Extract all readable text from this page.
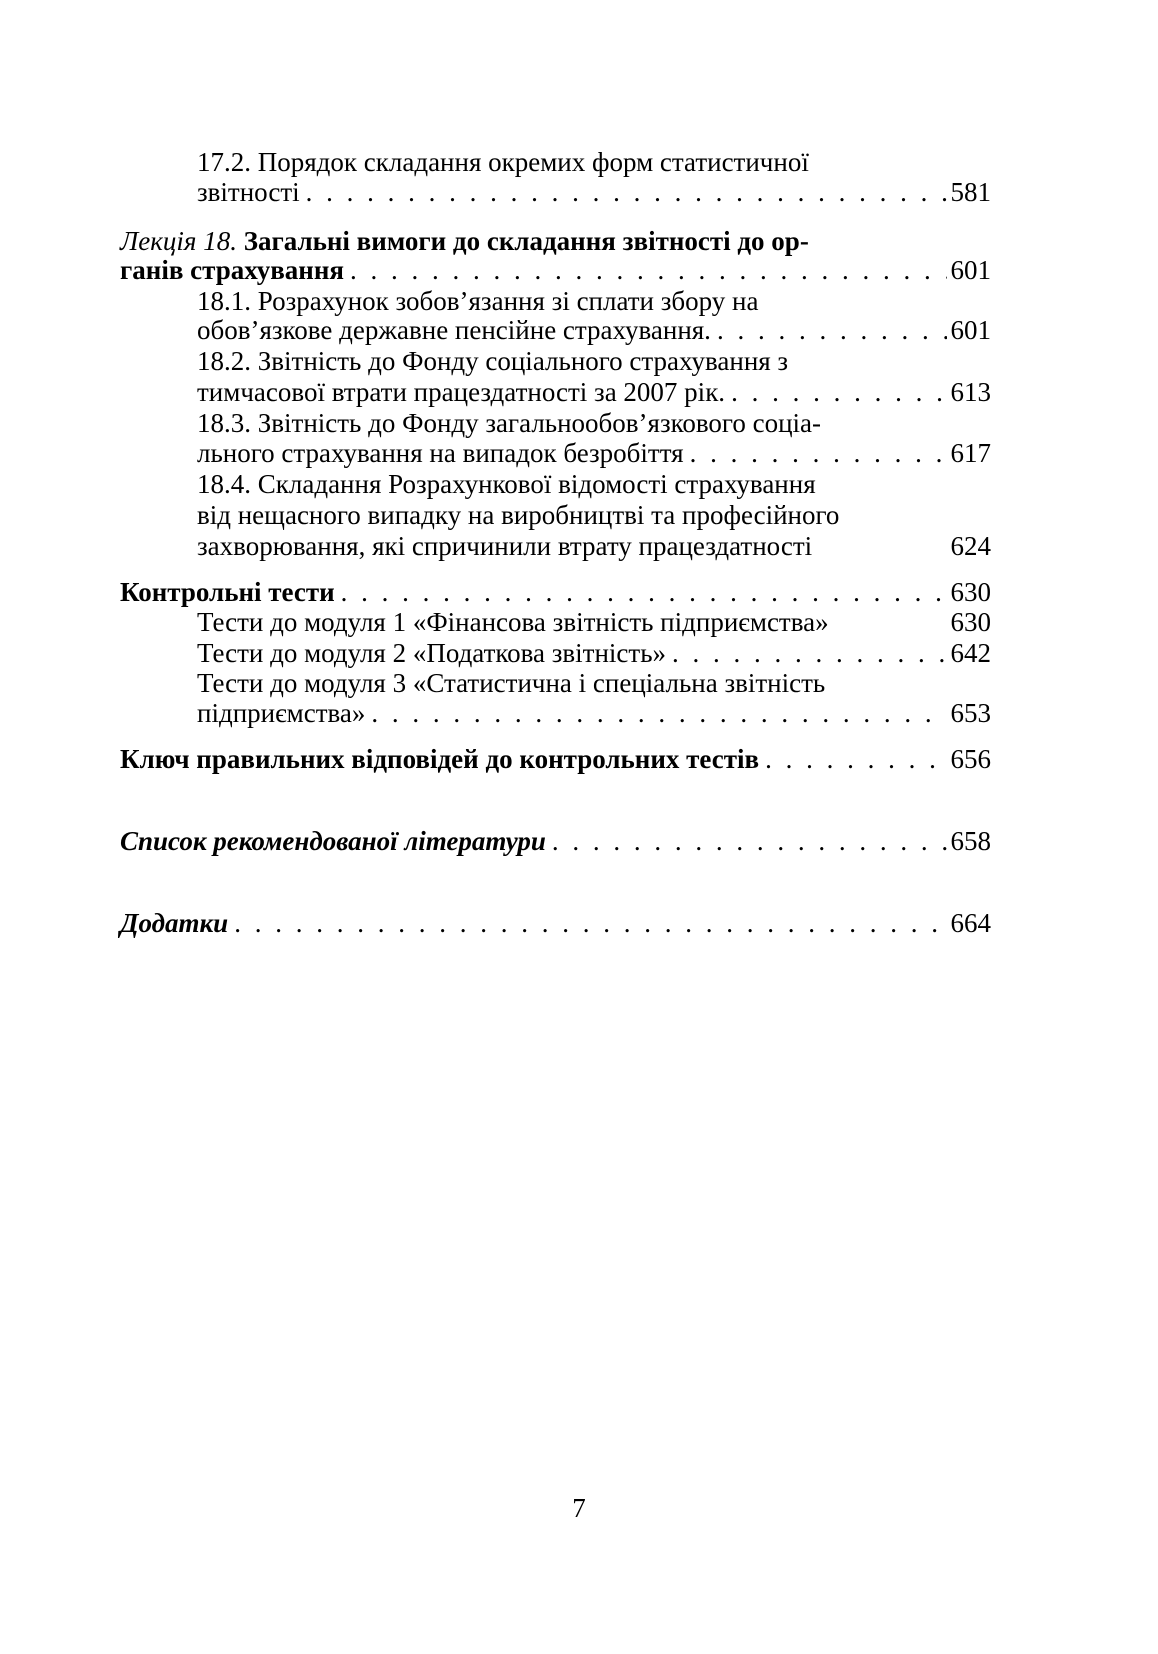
17.2. Порядок складання окремих форм статистичної
звітності . . .	581
Лекція 18. Загальні вимоги до складання звітності до ор-
ганів страхування . . .	601
18.1. Розрахунок зобов’язання зі сплати збору на
обов’язкове державне пенсійне страхування. . . .	601
18.2. Звітність до Фонду соціального страхування з
тимчасової втрати працездатності за 2007 рік. . . .	613
18.3. Звітність до Фонду загальнообов’язкового соціа-
льного страхування на випадок безробіття . . .	617
18.4. Складання Розрахункової відомості страхування
від нещасного випадку на виробництві та професійного
захворювання, які спричинили втрату працездатності	624
Контрольні тести . . .	630
Тести до модуля 1 «Фінансова звітність підприємства»	630
Тести до модуля 2 «Податкова звітність» . . .	642
Тести до модуля 3 «Статистична і спеціальна звітність
підприємства» . . .	653
Ключ правильних відповідей до контрольних тестів . . .	656
Список рекомендованої літератури . . .	658
Додатки . . .	664
7
